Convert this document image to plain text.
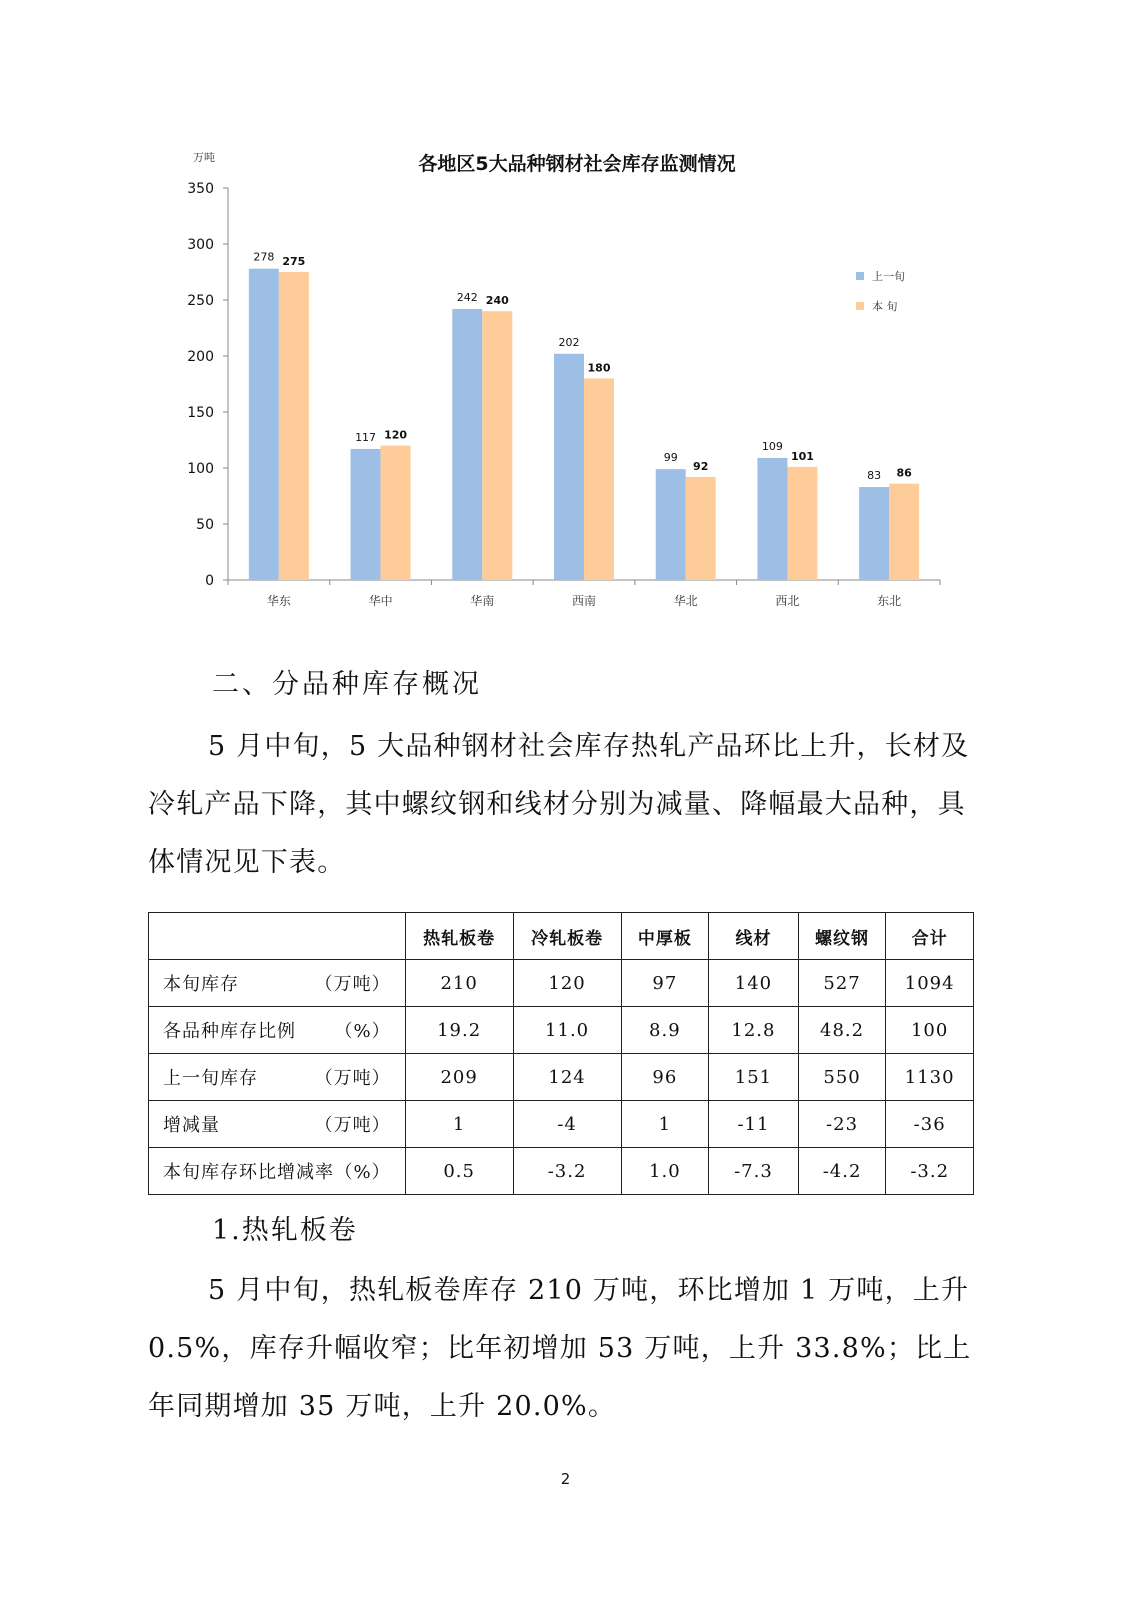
各地区5大品种钢材社会库存监测情况
万吨
0
50
100
150
200
250
300
350
华东
278 275
华中
117 120
华南
242 240
西南
202
180
华北
99
92
西北
109
101
东北
83 86
上一旬
本 旬
二、分品种库存概况
5 月中旬，5 大品种钢材社会库存热轧产品环比上升，长材及冷轧产品下降，其中螺纹钢和线材分别为减量、降幅最大品种，具体情况见下表。
	热轧板卷	冷轧板卷	中厚板	线材	螺纹钢	合计

本旬库存 （万吨）	210	120	97	140	527	1094

各品种库存比例 （%）	19.2	11.0	8.9	12.8	48.2	100

上一旬库存 （万吨）	209	124	96	151	550	1130

增减量 （万吨）	1	-4	1	-11	-23	-36

本旬库存环比增减率 （%）	0.5	-3.2	1.0	-7.3	-4.2	-3.2
1.热轧板卷
5 月中旬，热轧板卷库存 210 万吨，环比增加 1 万吨，上升 0.5%，库存升幅收窄；比年初增加 53 万吨，上升 33.8%；比上年同期增加 35 万吨，上升 20.0%。
2
